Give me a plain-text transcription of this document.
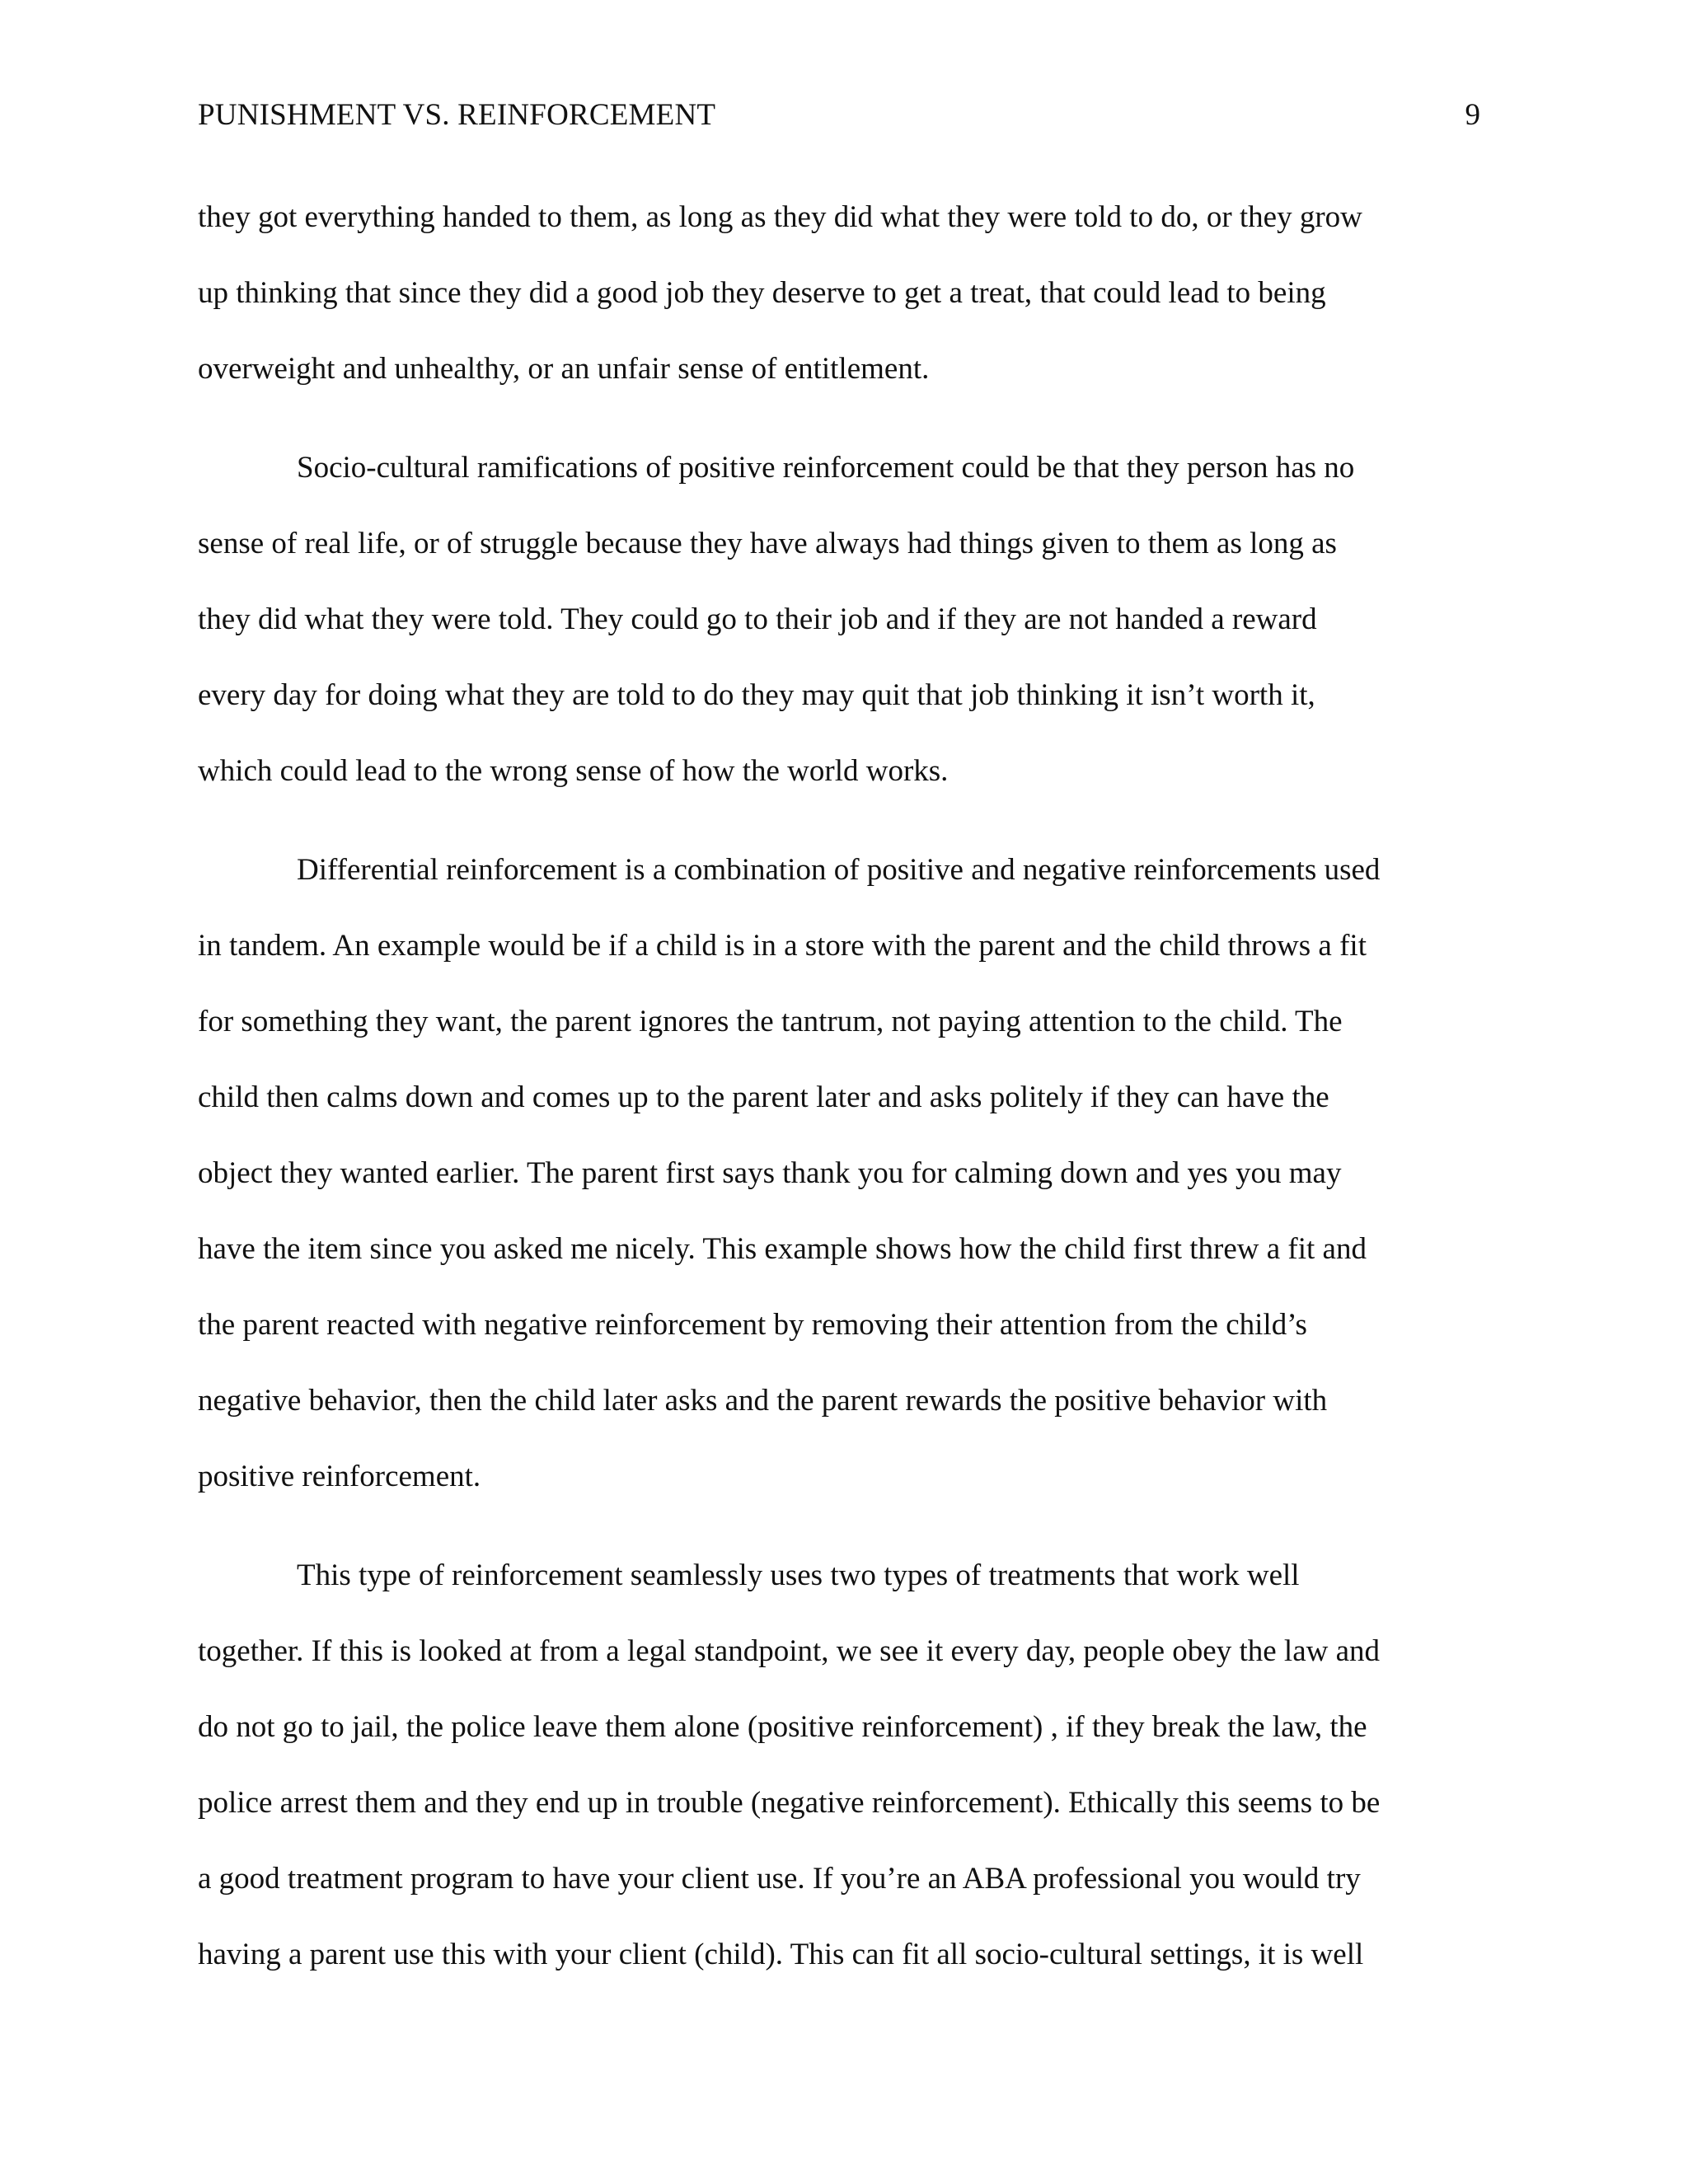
PUNISHMENT VS. REINFORCEMENT	9
they got everything handed to them, as long as they did what they were told to do, or they grow
up thinking that since they did a good job they deserve to get a treat, that could lead to being
overweight and unhealthy, or an unfair sense of entitlement.
Socio-cultural ramifications of positive reinforcement could be that they person has no
sense of real life, or of struggle because they have always had things given to them as long as
they did what they were told. They could go to their job and if they are not handed a reward
every day for doing what they are told to do they may quit that job thinking it isn’t worth it,
which could lead to the wrong sense of how the world works.
Differential reinforcement is a combination of positive and negative reinforcements used
in tandem. An example would be if a child is in a store with the parent and the child throws a fit
for something they want, the parent ignores the tantrum, not paying attention to the child. The
child then calms down and comes up to the parent later and asks politely if they can have the
object they wanted earlier. The parent first says thank you for calming down and yes you may
have the item since you asked me nicely. This example shows how the child first threw a fit and
the parent reacted with negative reinforcement by removing their attention from the child’s
negative behavior, then the child later asks and the parent rewards the positive behavior with
positive reinforcement.
This type of reinforcement seamlessly uses two types of treatments that work well
together. If this is looked at from a legal standpoint, we see it every day, people obey the law and
do not go to jail, the police leave them alone (positive reinforcement) , if they break the law, the
police arrest them and they end up in trouble (negative reinforcement). Ethically this seems to be
a good treatment program to have your client use. If you’re an ABA professional you would try
having a parent use this with your client (child). This can fit all socio-cultural settings, it is well
